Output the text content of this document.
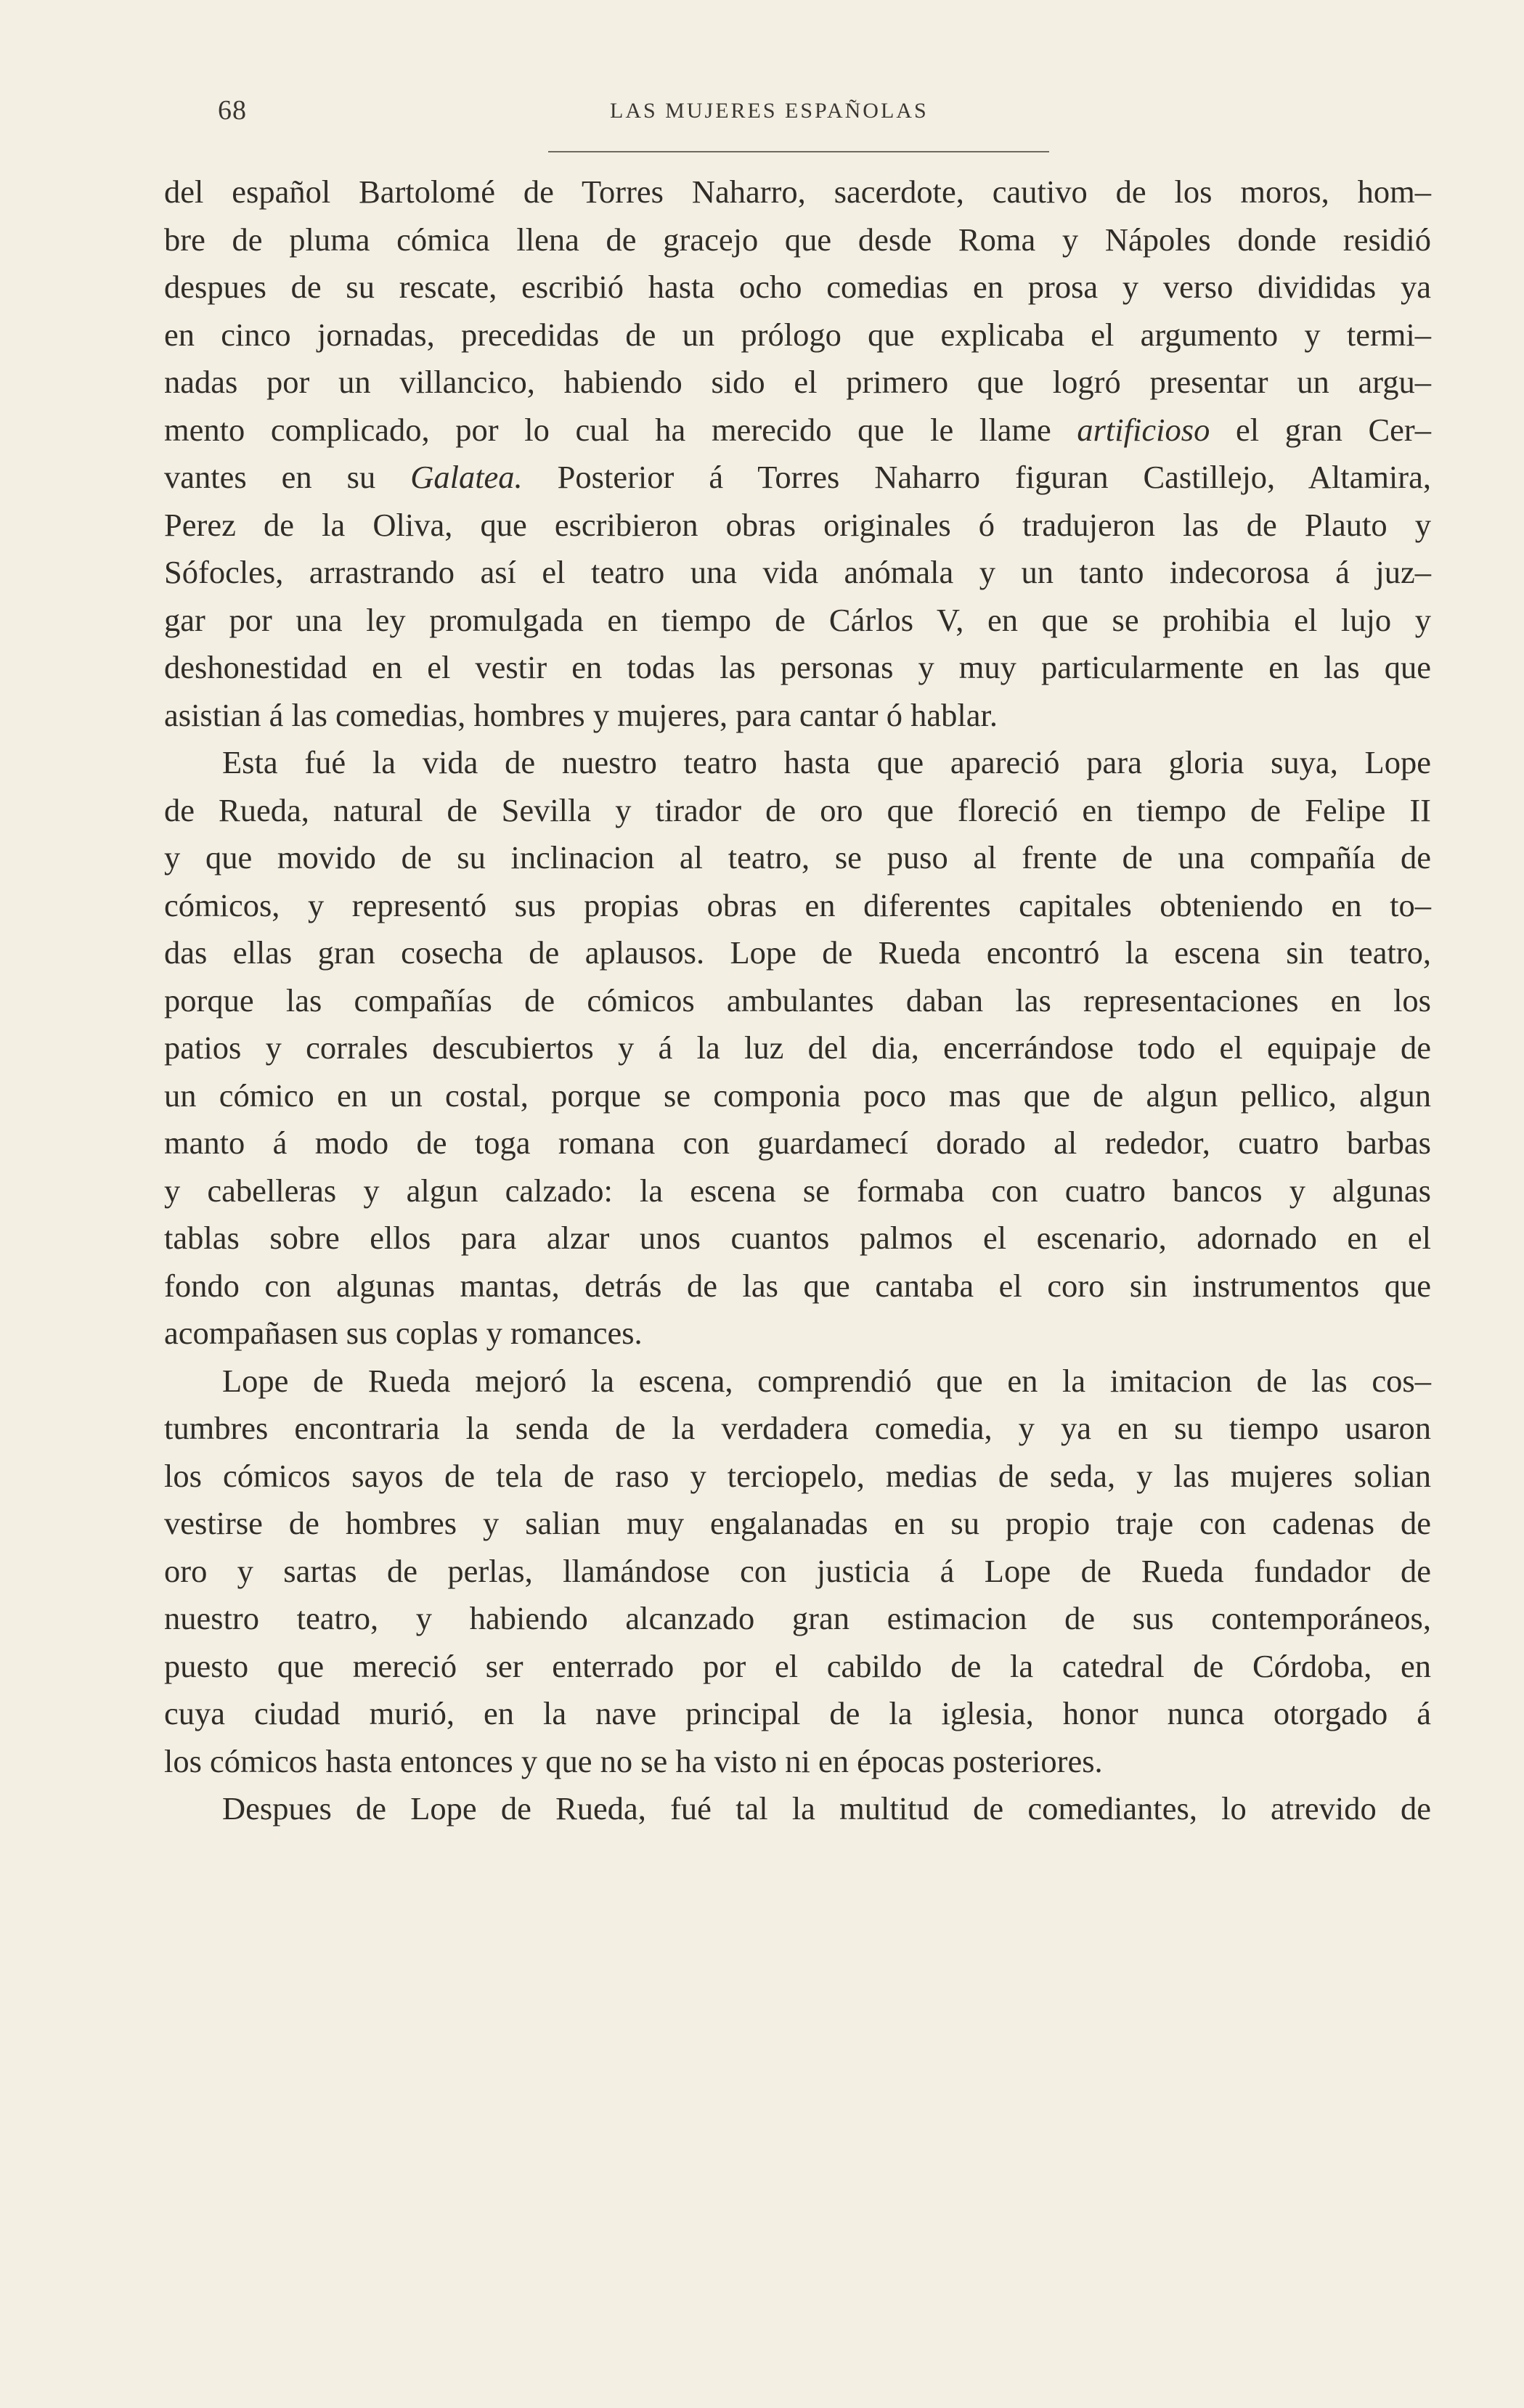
68	LAS MUJERES ESPAÑOLAS

del español Bartolomé de Torres Naharro, sacerdote, cautivo de los moros, hom–
bre de pluma cómica llena de gracejo que desde Roma y Nápoles donde residió
despues de su rescate, escribió hasta ocho comedias en prosa y verso divididas ya
en cinco jornadas, precedidas de un prólogo que explicaba el argumento y termi–
nadas por un villancico, habiendo sido el primero que logró presentar un argu–
mento complicado, por lo cual ha merecido que le llame artificioso el gran Cer–
vantes en su Galatea. Posterior á Torres Naharro figuran Castillejo, Altamira,
Perez de la Oliva, que escribieron obras originales ó tradujeron las de Plauto y
Sófocles, arrastrando así el teatro una vida anómala y un tanto indecorosa á juz–
gar por una ley promulgada en tiempo de Cárlos V, en que se prohibia el lujo y
deshonestidad en el vestir en todas las personas y muy particularmente en las que
asistian á las comedias, hombres y mujeres, para cantar ó hablar.

Esta fué la vida de nuestro teatro hasta que apareció para gloria suya, Lope
de Rueda, natural de Sevilla y tirador de oro que floreció en tiempo de Felipe II
y que movido de su inclinacion al teatro, se puso al frente de una compañía de
cómicos, y representó sus propias obras en diferentes capitales obteniendo en to–
das ellas gran cosecha de aplausos. Lope de Rueda encontró la escena sin teatro,
porque las compañías de cómicos ambulantes daban las representaciones en los
patios y corrales descubiertos y á la luz del dia, encerrándose todo el equipaje de
un cómico en un costal, porque se componia poco mas que de algun pellico, algun
manto á modo de toga romana con guardamecí dorado al rededor, cuatro barbas
y cabelleras y algun calzado: la escena se formaba con cuatro bancos y algunas
tablas sobre ellos para alzar unos cuantos palmos el escenario, adornado en el
fondo con algunas mantas, detrás de las que cantaba el coro sin instrumentos que
acompañasen sus coplas y romances.

Lope de Rueda mejoró la escena, comprendió que en la imitacion de las cos–
tumbres encontraria la senda de la verdadera comedia, y ya en su tiempo usaron
los cómicos sayos de tela de raso y terciopelo, medias de seda, y las mujeres solian
vestirse de hombres y salian muy engalanadas en su propio traje con cadenas de
oro y sartas de perlas, llamándose con justicia á Lope de Rueda fundador de
nuestro teatro, y habiendo alcanzado gran estimacion de sus contemporáneos,
puesto que mereció ser enterrado por el cabildo de la catedral de Córdoba, en
cuya ciudad murió, en la nave principal de la iglesia, honor nunca otorgado á
los cómicos hasta entonces y que no se ha visto ni en épocas posteriores.

Despues de Lope de Rueda, fué tal la multitud de comediantes, lo atrevido de
